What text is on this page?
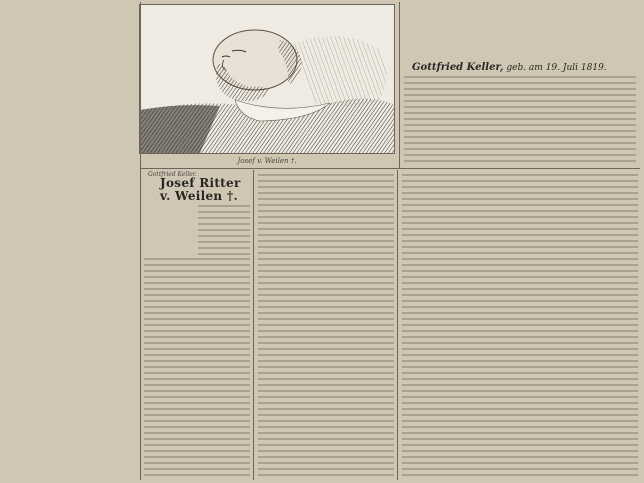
Josef v. Weilen †.
Gottfried Keller, geb. am 19. Juli 1819.
Gottfried Keller.
Josef Ritter v. Weilen †.
